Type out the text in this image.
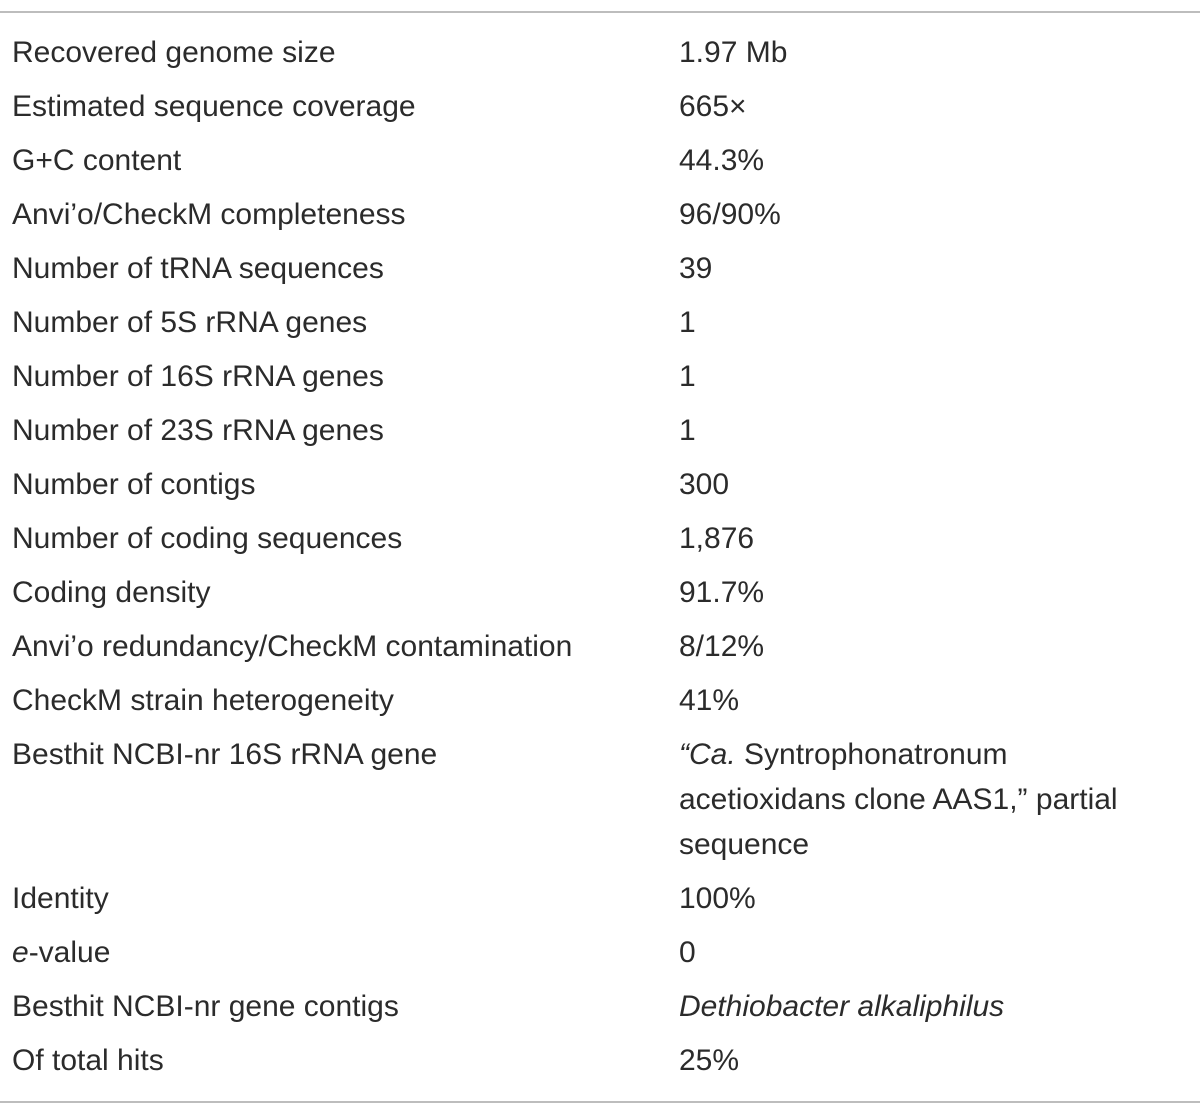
Recovered genome size	1.97 Mb
Estimated sequence coverage	665×
G+C content	44.3%
Anvi’o/CheckM completeness	96/90%
Number of tRNA sequences	39
Number of 5S rRNA genes	1
Number of 16S rRNA genes	1
Number of 23S rRNA genes	1
Number of contigs	300
Number of coding sequences	1,876
Coding density	91.7%
Anvi’o redundancy/CheckM contamination	8/12%
CheckM strain heterogeneity	41%
Besthit NCBI-nr 16S rRNA gene	“Ca. Syntrophonatronum acetioxidans clone AAS1,” partial sequence
Identity	100%
e-value	0
Besthit NCBI-nr gene contigs	Dethiobacter alkaliphilus
Of total hits	25%
